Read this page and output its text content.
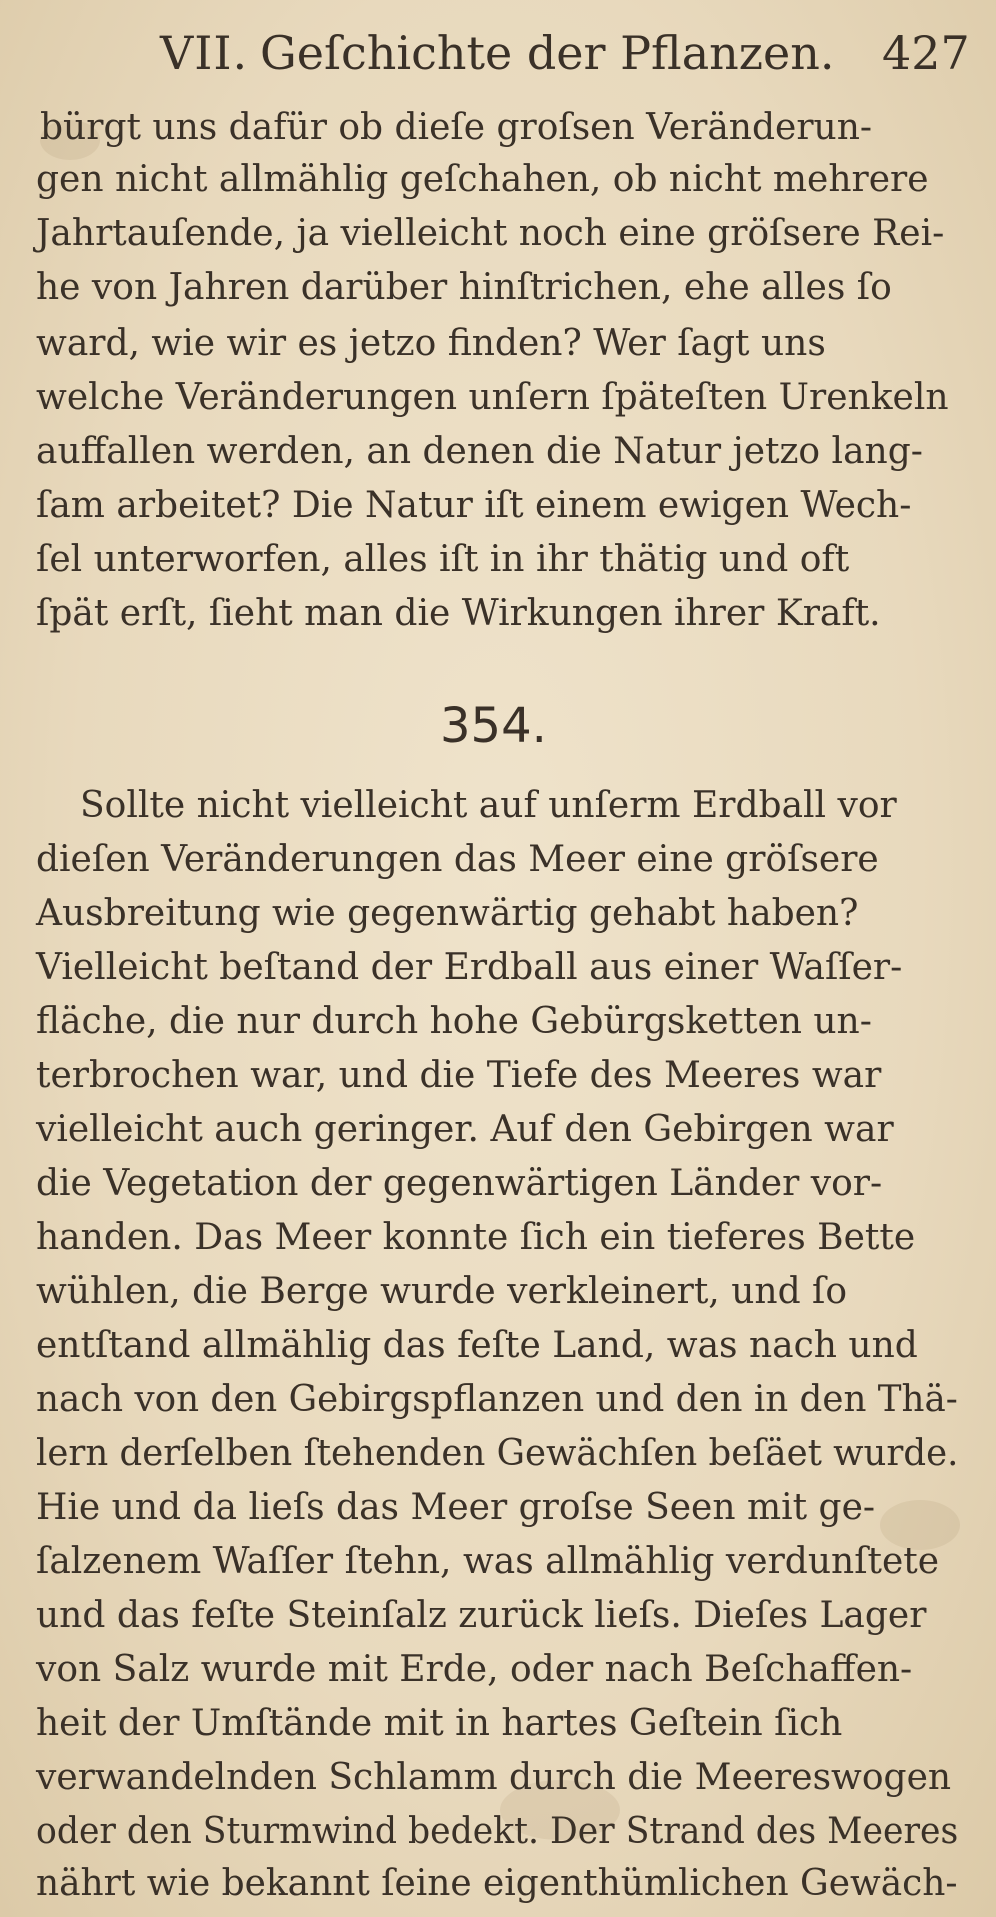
VII. Geſchichte der Pflanzen. 427
bürgt uns dafür ob dieſe groſsen Veränderun-
gen nicht allmählig geſchahen, ob nicht mehrere
Jahrtauſende, ja vielleicht noch eine gröſsere Rei-
he von Jahren darüber hinſtrichen, ehe alles ſo
ward, wie wir es jetzo finden? Wer ſagt uns
welche Veränderungen unſern ſpäteſten Urenkeln
auffallen werden, an denen die Natur jetzo lang-
ſam arbeitet? Die Natur iſt einem ewigen Wech-
ſel unterworfen, alles iſt in ihr thätig und oft
ſpät erſt, ſieht man die Wirkungen ihrer Kraft.
354.
Sollte nicht vielleicht auf unſerm Erdball vor
dieſen Veränderungen das Meer eine gröſsere
Ausbreitung wie gegenwärtig gehabt haben?
Vielleicht beſtand der Erdball aus einer Waſſer-
fläche, die nur durch hohe Gebürgsketten un-
terbrochen war, und die Tiefe des Meeres war
vielleicht auch geringer. Auf den Gebirgen war
die Vegetation der gegenwärtigen Länder vor-
handen. Das Meer konnte ſich ein tieferes Bette
wühlen, die Berge wurde verkleinert, und ſo
entſtand allmählig das feſte Land, was nach und
nach von den Gebirgspflanzen und den in den Thä-
lern derſelben ſtehenden Gewächſen beſäet wurde.
Hie und da lieſs das Meer groſse Seen mit ge-
ſalzenem Waſſer ſtehn, was allmählig verdunſtete
und das feſte Steinſalz zurück lieſs. Dieſes Lager
von Salz wurde mit Erde, oder nach Beſchaffen-
heit der Umſtände mit in hartes Geſtein ſich
verwandelnden Schlamm durch die Meereswogen
oder den Sturmwind bedekt. Der Strand des Meeres
nährt wie bekannt ſeine eigenthümlichen Gewäch-
